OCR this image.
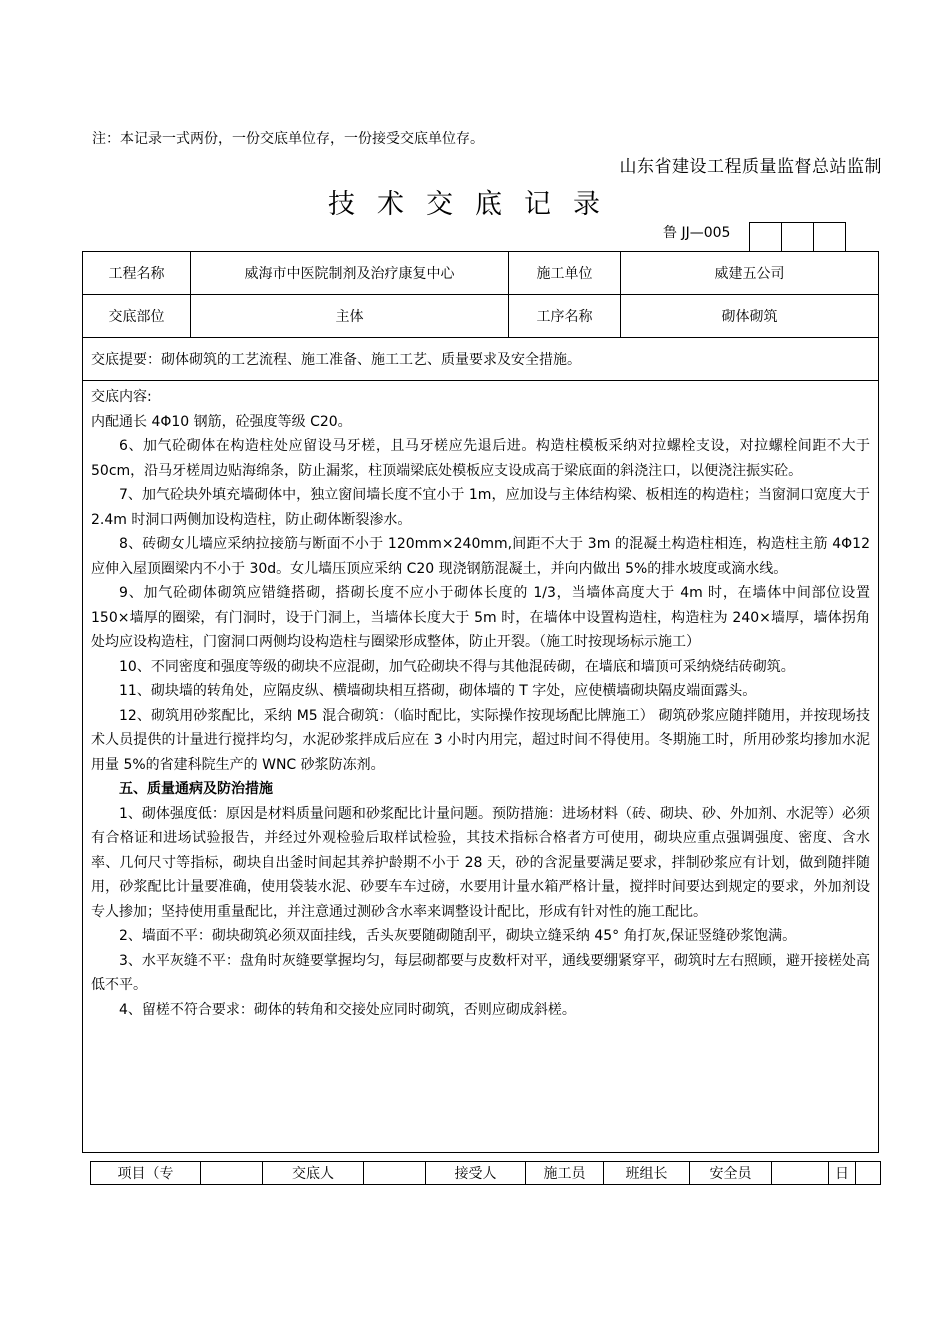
注：本记录一式两份，一份交底单位存，一份接受交底单位存。
山东省建设工程质量监督总站监制
技术交底记录
鲁 JJ—005
工程名称	威海市中医院制剂及治疗康复中心	施工单位	威建五公司
交底部位	主体	工序名称	砌体砌筑
交底提要：砌体砌筑的工艺流程、施工准备、施工工艺、质量要求及安全措施。

交底内容:

内配通长 4Φ10 钢筋，砼强度等级 C20。

6、加气砼砌体在构造柱处应留设马牙槎，且马牙槎应先退后进。构造柱模板采纳对拉螺栓支设，对拉螺栓间距不大于 50cm，沿马牙槎周边贴海绵条，防止漏浆，柱顶端梁底处模板应支设成高于梁底面的斜浇注口，以便浇注振实砼。

7、加气砼块外填充墙砌体中，独立窗间墙长度不宜小于 1m，应加设与主体结构梁、板相连的构造柱；当窗洞口宽度大于 2.4m 时洞口两侧加设构造柱，防止砌体断裂渗水。

8、砖砌女儿墙应采纳拉接筋与断面不小于 120mm×240mm,间距不大于 3m 的混凝土构造柱相连，构造柱主筋 4Φ12 应伸入屋顶圈梁内不小于 30d。女儿墙压顶应采纳 C20 现浇钢筋混凝土，并向内做出 5%的排水坡度或滴水线。

9、加气砼砌体砌筑应错缝搭砌，搭砌长度不应小于砌体长度的 1/3，当墙体高度大于 4m 时，在墙体中间部位设置 150×墙厚的圈梁，有门洞时，设于门洞上，当墙体长度大于 5m 时，在墙体中设置构造柱，构造柱为 240×墙厚，墙体拐角处均应设构造柱，门窗洞口两侧均设构造柱与圈梁形成整体，防止开裂。（施工时按现场标示施工）

10、不同密度和强度等级的砌块不应混砌，加气砼砌块不得与其他混砖砌，在墙底和墙顶可采纳烧结砖砌筑。

11、砌块墙的转角处，应隔皮纵、横墙砌块相互搭砌，砌体墙的 T 字处，应使横墙砌块隔皮端面露头。

12、砌筑用砂浆配比，采纳 M5 混合砌筑：（临时配比，实际操作按现场配比牌施工） 砌筑砂浆应随拌随用，并按现场技术人员提供的计量进行搅拌均匀，水泥砂浆拌成后应在 3 小时内用完，超过时间不得使用。冬期施工时，所用砂浆均掺加水泥用量 5%的省建科院生产的 WNC 砂浆防冻剂。

五、质量通病及防治措施

1、砌体强度低：原因是材料质量问题和砂浆配比计量问题。预防措施：进场材料（砖、砌块、砂、外加剂、水泥等）必须有合格证和进场试验报告，并经过外观检验后取样试检验，其技术指标合格者方可使用，砌块应重点强调强度、密度、含水率、几何尺寸等指标，砌块自出釜时间起其养护龄期不小于 28 天，砂的含泥量要满足要求，拌制砂浆应有计划，做到随拌随用，砂浆配比计量要准确，使用袋装水泥、砂要车车过磅，水要用计量水箱严格计量，搅拌时间要达到规定的要求，外加剂设专人掺加；坚持使用重量配比，并注意通过测砂含水率来调整设计配比，形成有针对性的施工配比。

2、墙面不平：砌块砌筑必须双面挂线，舌头灰要随砌随刮平，砌块立缝采纳 45° 角打灰,保证竖缝砂浆饱满。

3、水平灰缝不平：盘角时灰缝要掌握均匀，每层砌都要与皮数杆对平，通线要绷紧穿平，砌筑时左右照顾，避开接槎处高低不平。

4、留槎不符合要求：砌体的转角和交接处应同时砌筑，否则应砌成斜槎。

项目（专	交底人	接受人	施工员	班组长	安全员	日
